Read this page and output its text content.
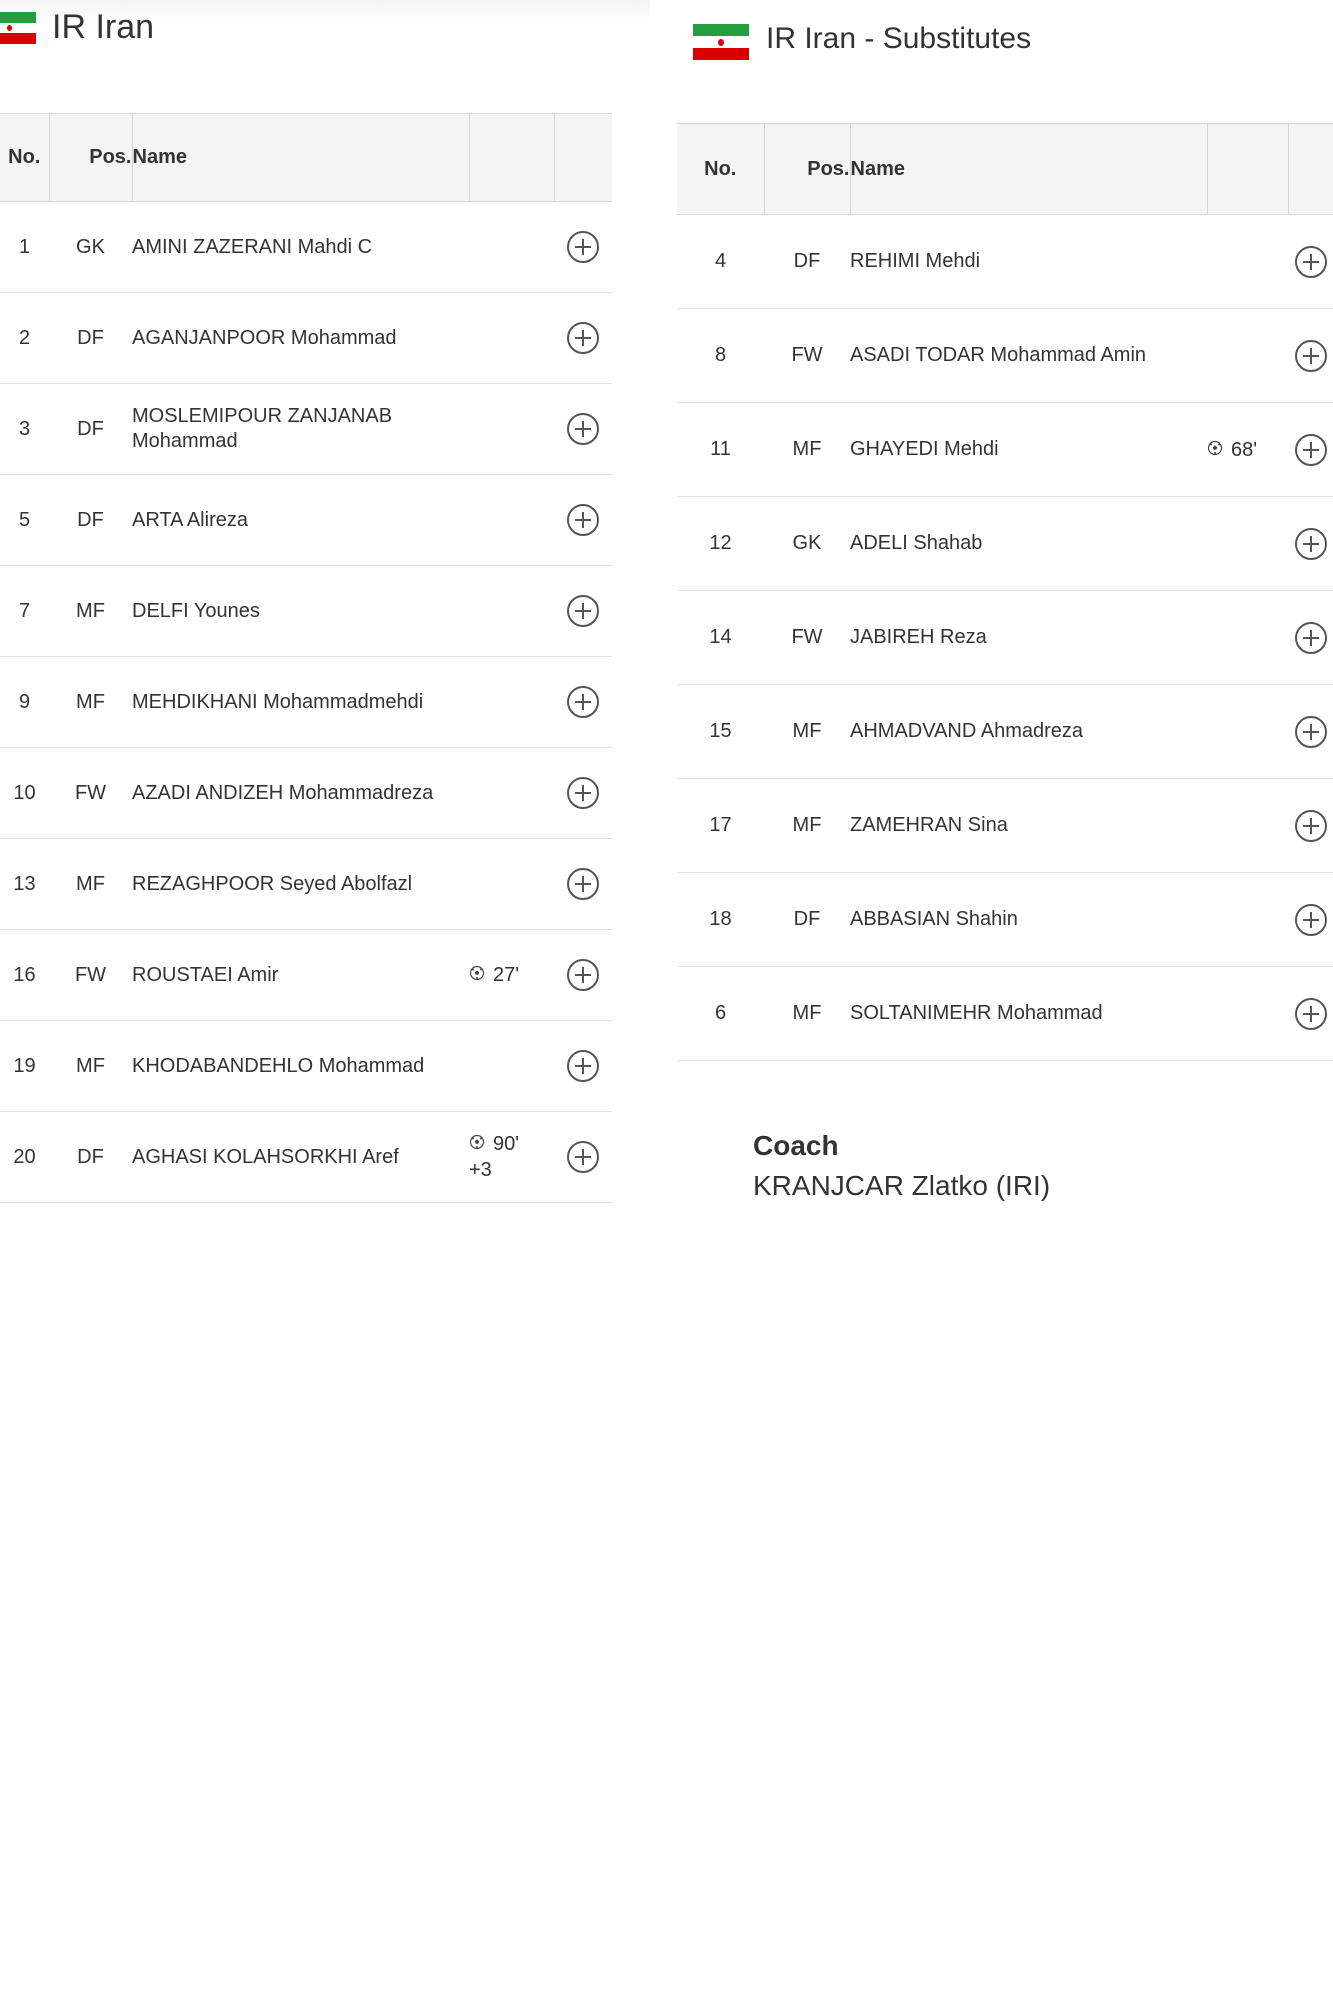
IR Iran
No.	Pos.	Name		
1	GK	AMINI ZAZERANI Mahdi C		
2	DF	AGANJANPOOR Mohammad		
3	DF	MOSLEMIPOUR ZANJANAB Mohammad		
5	DF	ARTA Alireza		
7	MF	DELFI Younes		
9	MF	MEHDIKHANI Mohammadmehdi		
10	FW	AZADI ANDIZEH Mohammadreza		
13	MF	REZAGHPOOR Seyed Abolfazl		
16	FW	ROUSTAEI Amir	27'	
19	MF	KHODABANDEHLO Mohammad		
20	DF	AGHASI KOLAHSORKHI Aref	90'
+3	
IR Iran - Substitutes
No.	Pos.	Name		
4	DF	REHIMI Mehdi		
8	FW	ASADI TODAR Mohammad Amin		
11	MF	GHAYEDI Mehdi	68'	
12	GK	ADELI Shahab		
14	FW	JABIREH Reza		
15	MF	AHMADVAND Ahmadreza		
17	MF	ZAMEHRAN Sina		
18	DF	ABBASIAN Shahin		
6	MF	SOLTANIMEHR Mohammad		

Coach

KRANJCAR Zlatko (IRI)
